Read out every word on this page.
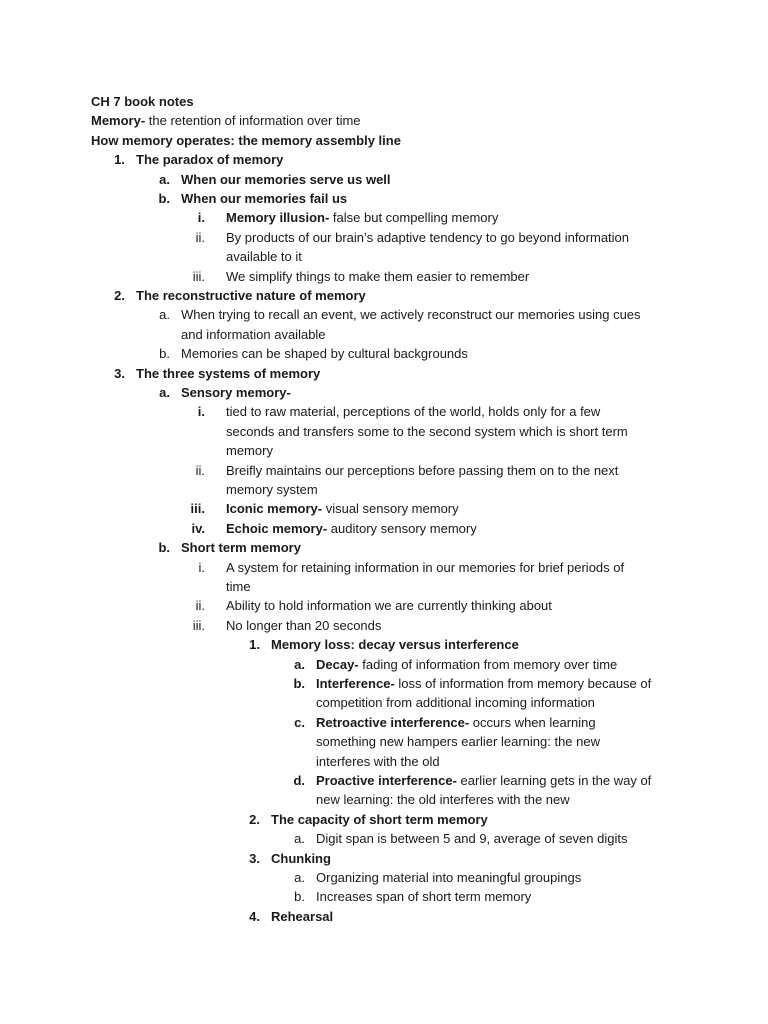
CH 7 book notes
Memory- the retention of information over time
How memory operates: the memory assembly line
1. The paradox of memory
a. When our memories serve us well
b. When our memories fail us
i. Memory illusion- false but compelling memory
ii. By products of our brain’s adaptive tendency to go beyond information
available to it
iii. We simplify things to make them easier to remember
2. The reconstructive nature of memory
a. When trying to recall an event, we actively reconstruct our memories using cues
and information available
b. Memories can be shaped by cultural backgrounds
3. The three systems of memory
a. Sensory memory-
i. tied to raw material, perceptions of the world, holds only for a few
seconds and transfers some to the second system which is short term
memory
ii. Breifly maintains our perceptions before passing them on to the next
memory system
iii. Iconic memory- visual sensory memory
iv. Echoic memory- auditory sensory memory
b. Short term memory
i. A system for retaining information in our memories for brief periods of
time
ii. Ability to hold information we are currently thinking about
iii. No longer than 20 seconds
1. Memory loss: decay versus interference
a. Decay- fading of information from memory over time
b. Interference- loss of information from memory because of
competition from additional incoming information
c. Retroactive interference- occurs when learning
something new hampers earlier learning: the new
interferes with the old
d. Proactive interference- earlier learning gets in the way of
new learning: the old interferes with the new
2. The capacity of short term memory
a. Digit span is between 5 and 9, average of seven digits
3. Chunking
a. Organizing material into meaningful groupings
b. Increases span of short term memory
4. Rehearsal
